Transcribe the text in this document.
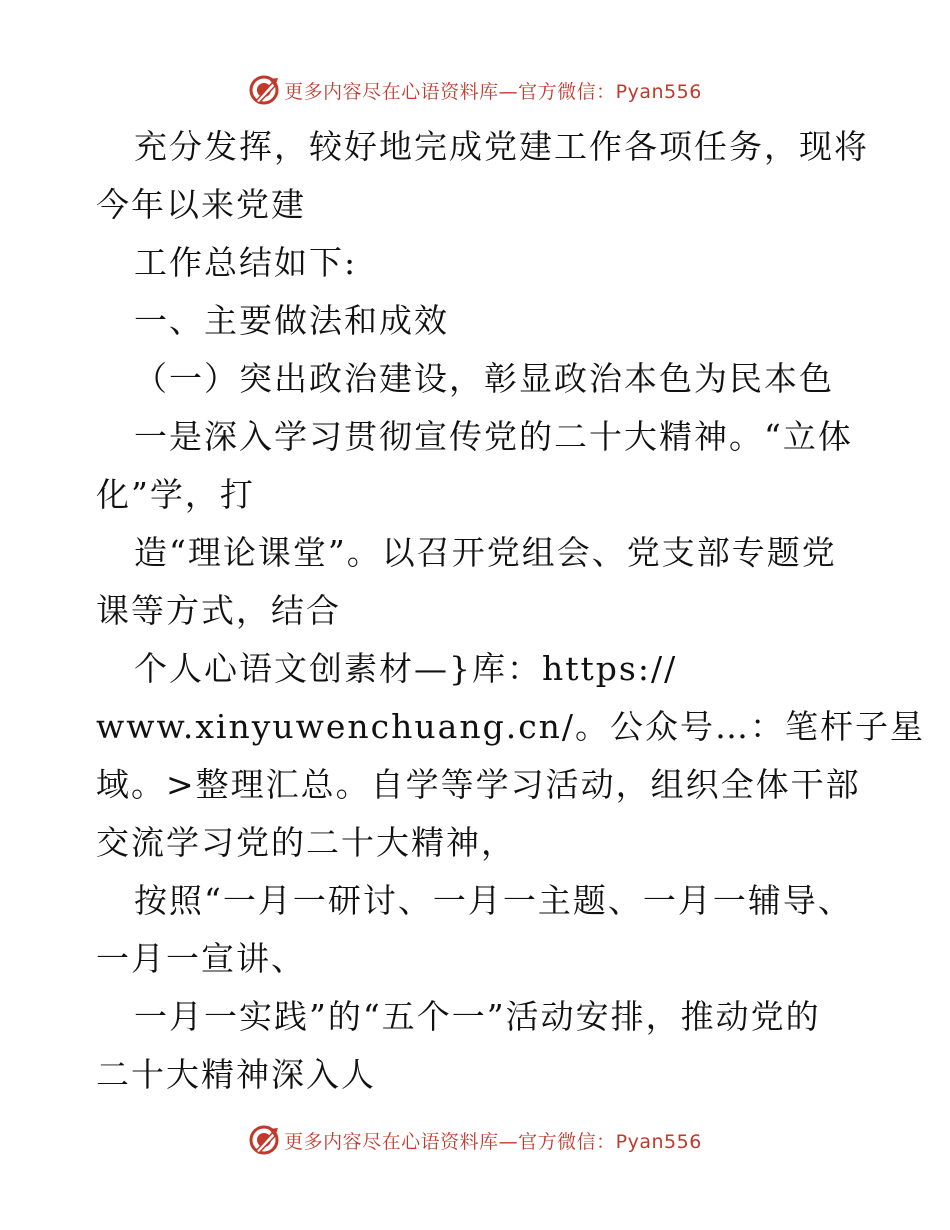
更多内容尽在心语资料库—官方微信：Pyan556
充分发挥，较好地完成党建工作各项任务，现将
今年以来党建
工作总结如下:
一、主要做法和成效
（一）突出政治建设，彰显政治本色为民本色
一是深入学习贯彻宣传党的二十大精神。“立体
化”学，打
造“理论课堂”。以召开党组会、党支部专题党
课等方式，结合
个人心语文创素材—}库：https://
www.xinyuwenchuang.cn/。公众号…：笔杆子星
域。>整理汇总。自学等学习活动，组织全体干部
交流学习党的二十大精神，
按照“一月一研讨、一月一主题、一月一辅导、
一月一宣讲、
一月一实践”的“五个一”活动安排，推动党的
二十大精神深入人
更多内容尽在心语资料库—官方微信：Pyan556
